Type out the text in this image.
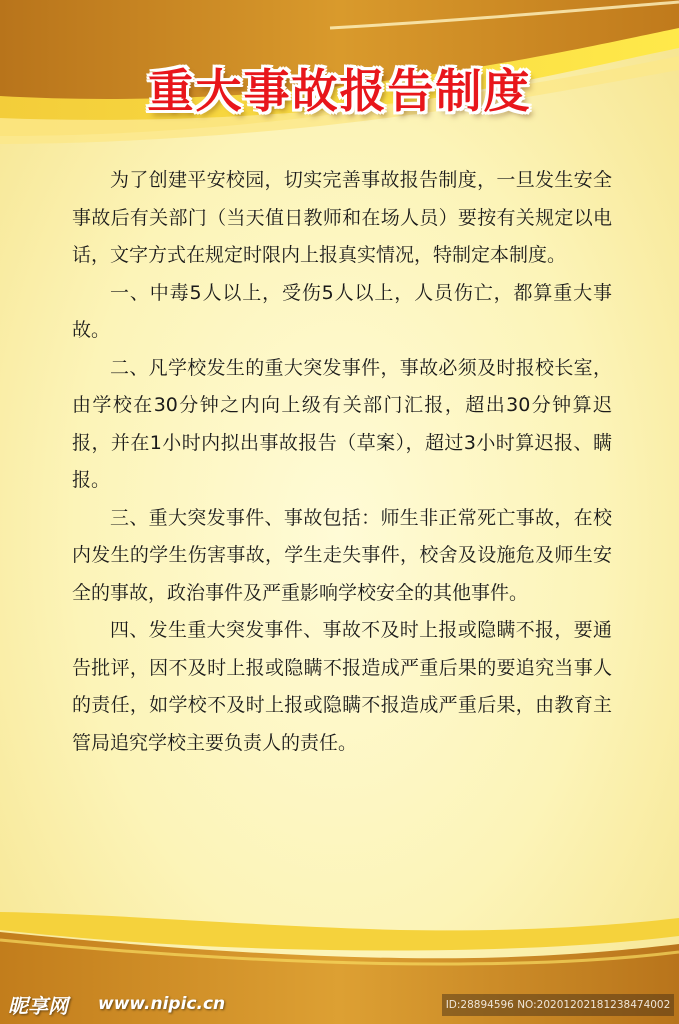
重大事故报告制度

为了创建平安校园，切实完善事故报告制度，一旦发生安全事故后有关部门（当天值日教师和在场人员）要按有关规定以电话，文字方式在规定时限内上报真实情况，特制定本制度。

一、中毒5人以上，受伤5人以上，人员伤亡，都算重大事故。

二、凡学校发生的重大突发事件，事故必须及时报校长室，由学校在30分钟之内向上级有关部门汇报，超出30分钟算迟报，并在1小时内拟出事故报告（草案），超过3小时算迟报、瞒报。

三、重大突发事件、事故包括：师生非正常死亡事故，在校内发生的学生伤害事故，学生走失事件，校舍及设施危及师生安全的事故，政治事件及严重影响学校安全的其他事件。

四、发生重大突发事件、事故不及时上报或隐瞒不报，要通告批评，因不及时上报或隐瞒不报造成严重后果的要追究当事人的责任，如学校不及时上报或隐瞒不报造成严重后果，由教育主管局追究学校主要负责人的责任。

昵享网 www.nipic.cn	ID:28894596 NO:20201202181238474002
